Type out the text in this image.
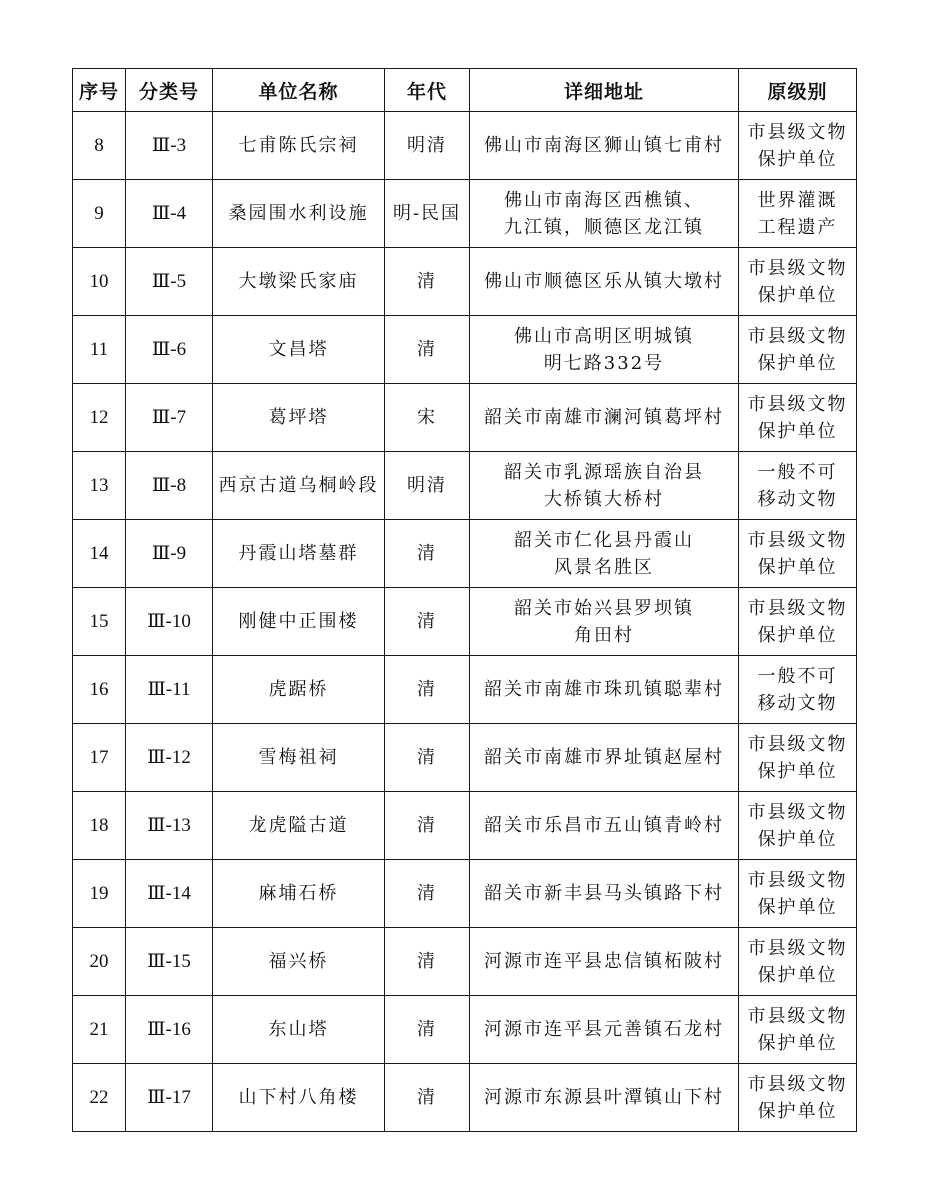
序号	分类号	单位名称	年代	详细地址	原级别
8	Ⅲ-3	七甫陈氏宗祠	明清	佛山市南海区狮山镇七甫村	市县级文物
保护单位

9	Ⅲ-4	桑园围水利设施	明-民国	佛山市南海区西樵镇、
九江镇，顺德区龙江镇	世界灌溉
工程遗产

10	Ⅲ-5	大墩梁氏家庙	清	佛山市顺德区乐从镇大墩村	市县级文物
保护单位

11	Ⅲ-6	文昌塔	清	佛山市高明区明城镇
明七路332号	市县级文物
保护单位

12	Ⅲ-7	葛坪塔	宋	韶关市南雄市澜河镇葛坪村	市县级文物
保护单位

13	Ⅲ-8	西京古道乌桐岭段	明清	韶关市乳源瑶族自治县
大桥镇大桥村	一般不可
移动文物

14	Ⅲ-9	丹霞山塔墓群	清	韶关市仁化县丹霞山
风景名胜区	市县级文物
保护单位

15	Ⅲ-10	刚健中正围楼	清	韶关市始兴县罗坝镇
角田村	市县级文物
保护单位

16	Ⅲ-11	虎踞桥	清	韶关市南雄市珠玑镇聪辈村	一般不可
移动文物

17	Ⅲ-12	雪梅祖祠	清	韶关市南雄市界址镇赵屋村	市县级文物
保护单位

18	Ⅲ-13	龙虎隘古道	清	韶关市乐昌市五山镇青岭村	市县级文物
保护单位

19	Ⅲ-14	麻埔石桥	清	韶关市新丰县马头镇路下村	市县级文物
保护单位

20	Ⅲ-15	福兴桥	清	河源市连平县忠信镇柘陂村	市县级文物
保护单位

21	Ⅲ-16	东山塔	清	河源市连平县元善镇石龙村	市县级文物
保护单位

22	Ⅲ-17	山下村八角楼	清	河源市东源县叶潭镇山下村	市县级文物
保护单位
